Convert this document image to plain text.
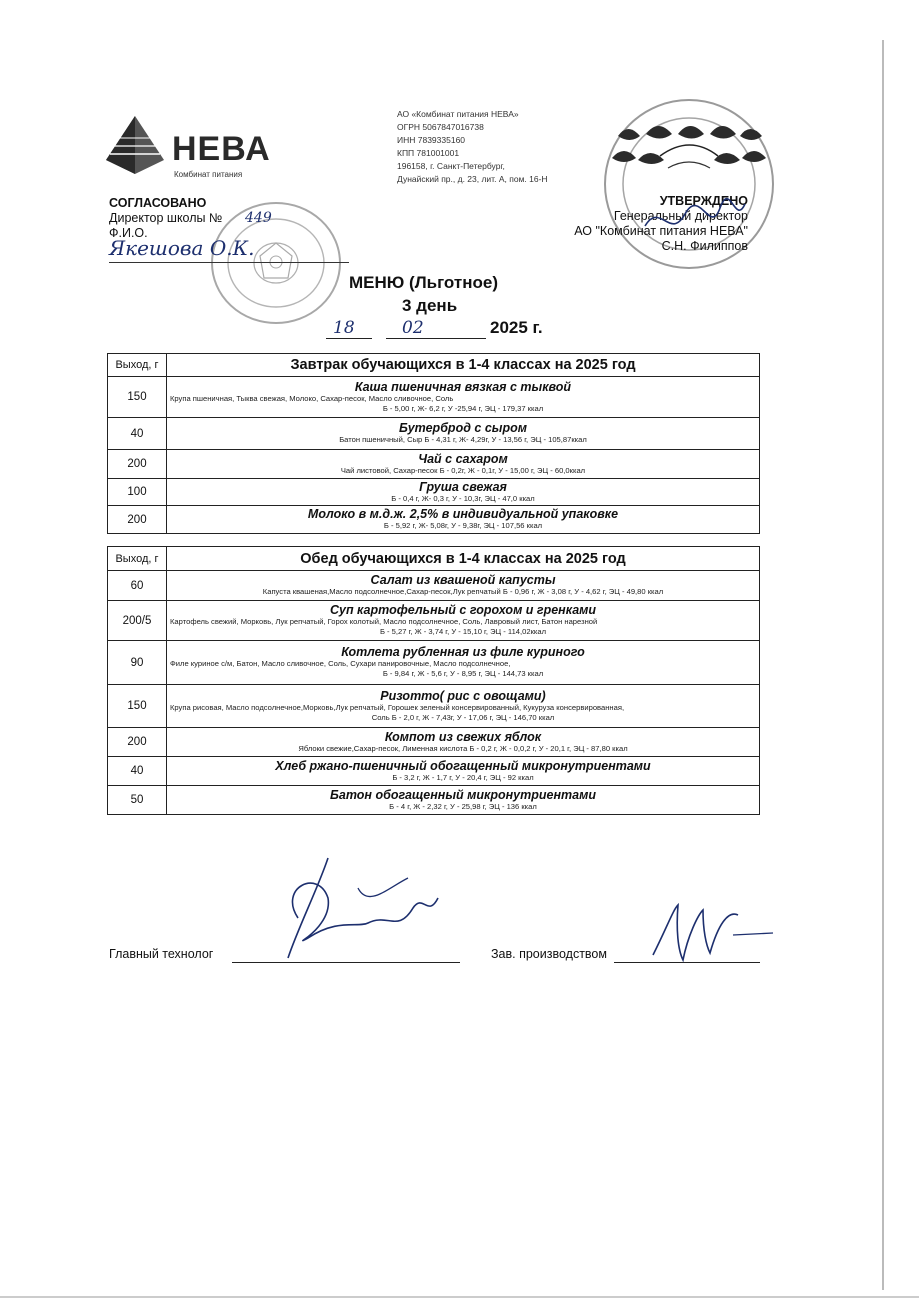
НЕВА
Комбинат питания
АО «Комбинат питания НЕВА»
ОГРН 5067847016738
ИНН 7839335160
КПП 781001001
196158, г. Санкт-Петербург,
Дунайский пр., д. 23, лит. А, пом. 16-Н
СОГЛАСОВАНО
Директор школы №
Ф.И.О.
449
Якешова О.К.
УТВЕРЖДЕНО
Генеральный директор
АО "Комбинат питания НЕВА"
С.Н. Филиппов
МЕНЮ (Льготное)
3 день
18	02	2025 г.
Выход, г	Завтрак обучающихся в 1-4 классах на 2025 год
150	Каша пшеничная вязкая с тыквой
Крупа пшеничная, Тыква свежая, Молоко, Сахар-песок, Масло сливочное, Соль
Б - 5,00 г, Ж- 6,2 г, У -25,94 г, ЭЦ - 179,37 ккал

40	Бутерброд с сыром
Батон пшеничный, Сыр Б - 4,31 г, Ж- 4,29г, У - 13,56 г, ЭЦ - 105,87ккал

200	Чай с сахаром
Чай листовой, Сахар-песок Б - 0,2г, Ж - 0,1г, У - 15,00 г, ЭЦ - 60,0ккал

100	Груша свежая
Б - 0,4 г, Ж- 0,3 г, У - 10,3г, ЭЦ - 47,0 ккал

200	Молоко в м.д.ж. 2,5% в индивидуальной упаковке
Б - 5,92 г, Ж- 5,08г, У - 9,38г, ЭЦ - 107,56 ккал
Выход, г	Обед обучающихся в 1-4 классах на 2025 год
60	Салат из квашеной капусты
Капуста квашеная,Масло подсолнечное,Сахар-песок,Лук репчатый Б - 0,96 г, Ж - 3,08 г, У - 4,62 г, ЭЦ - 49,80 ккал

200/5	Суп картофельный с горохом и гренками
Картофель свежий, Морковь, Лук репчатый, Горох колотый, Масло подсолнечное, Соль, Лавровый лист, Батон нарезной
Б - 5,27 г, Ж - 3,74 г, У - 15,10 г, ЭЦ - 114,02ккал

90	Котлета рубленная из филе куриного
Филе куриное с/м, Батон, Масло сливочное, Соль, Сухари панировочные, Масло подсолнечное,
Б - 9,84 г, Ж - 5,6 г, У - 8,95 г, ЭЦ - 144,73 ккал

150	Ризотто( рис с овощами)
Крупа рисовая, Масло подсолнечное,Морковь,Лук репчатый, Горошек зеленый консервированный, Кукуруза консервированная,
Соль Б - 2,0 г, Ж - 7,43г, У - 17,06 г, ЭЦ - 146,70 ккал

200	Компот из свежих яблок
Яблоки свежие,Сахар-песок, Лименная кислота Б - 0,2 г, Ж - 0,0,2 г, У - 20,1 г, ЭЦ - 87,80 ккал

40	Хлеб ржано-пшеничный обогащенный микронутриентами
Б - 3,2 г, Ж - 1,7 г, У - 20,4 г, ЭЦ - 92 ккал

50	Батон обогащенный микронутриентами
Б - 4 г, Ж - 2,32 г, У - 25,98 г, ЭЦ - 136 ккал
Главный технолог	Зав. производством
